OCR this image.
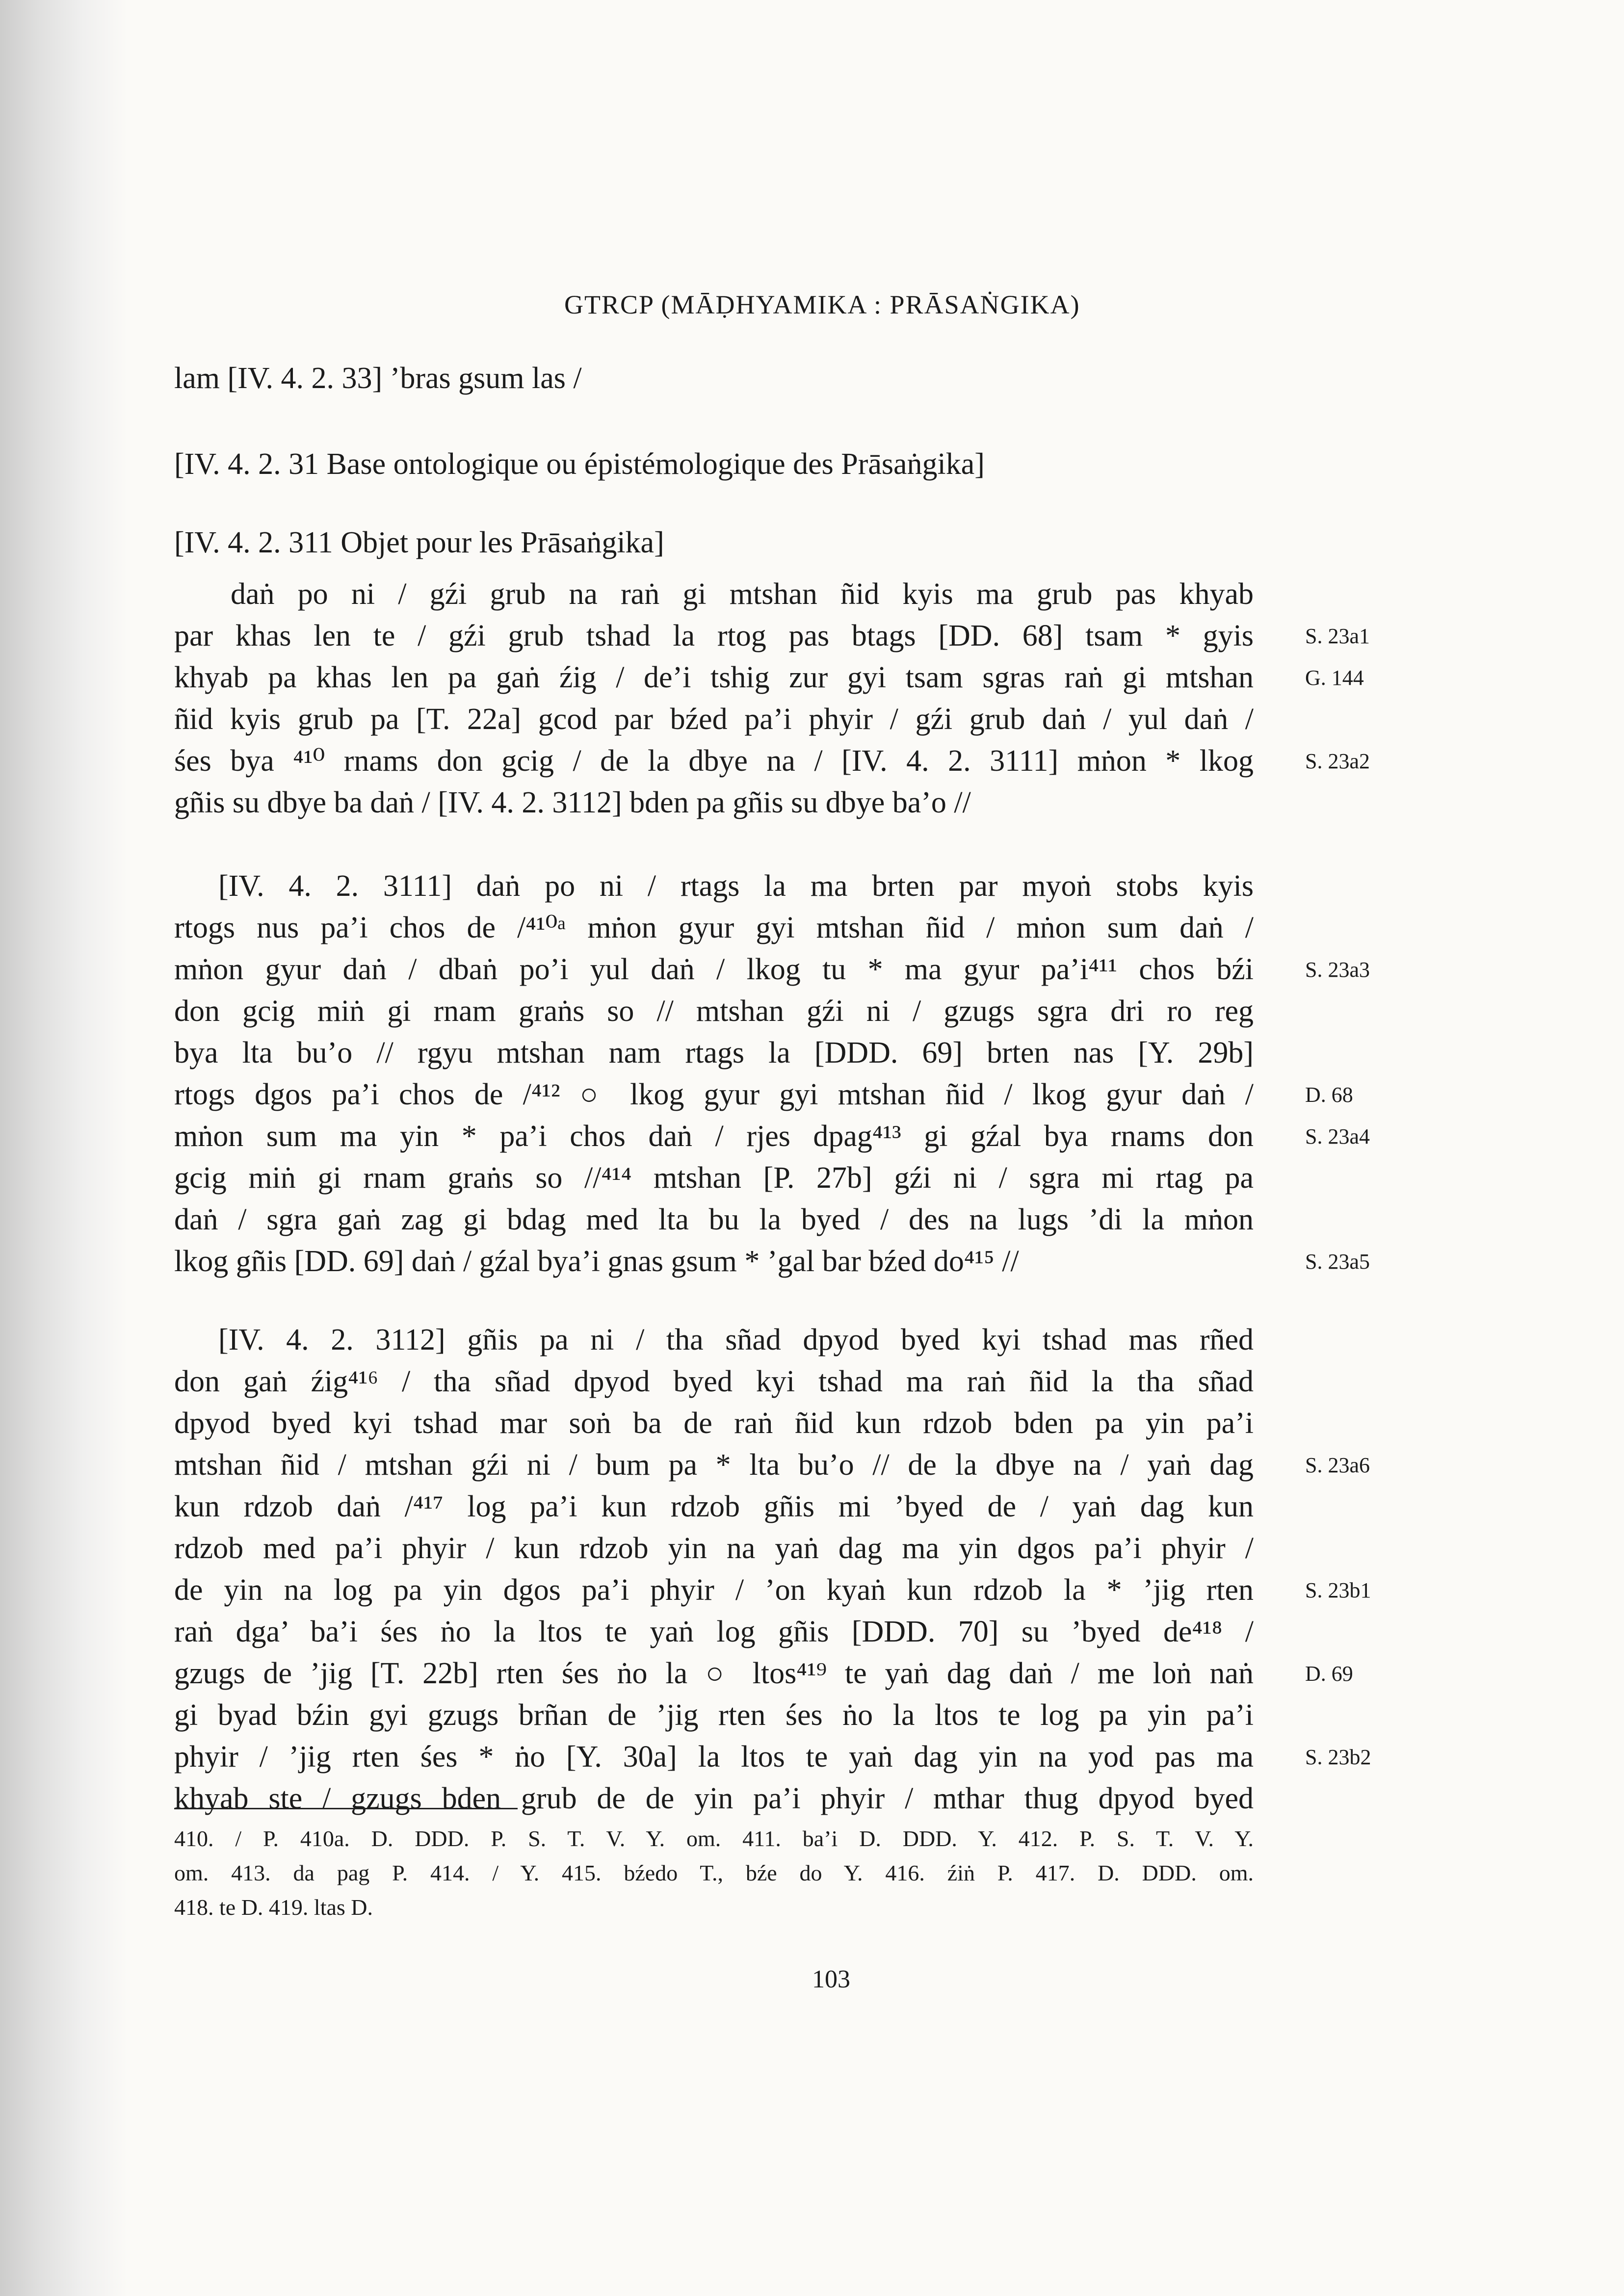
GTRCP (MĀḌHYAMIKA : PRĀSAṄGIKA)
lam [IV. 4. 2. 33] ’bras gsum las /
[IV. 4. 2. 31 Base ontologique ou épistémologique des Prāsaṅgika]
[IV. 4. 2. 311 Objet pour les Prāsaṅgika]
daṅ po ni / gźi grub na raṅ gi mtshan ñid kyis ma grub pas khyab
par khas len te / gźi grub tshad la rtog pas btags [DD. 68] tsam * gyis
khyab pa khas len pa gaṅ źig / de’i tshig zur gyi tsam sgras raṅ gi mtshan
ñid kyis grub pa [T. 22a] gcod par bźed pa’i phyir / gźi grub daṅ / yul daṅ /
śes bya ⁴¹⁰ rnams don gcig / de la dbye na / [IV. 4. 2. 3111] mṅon * lkog
gñis su dbye ba daṅ / [IV. 4. 2. 3112] bden pa gñis su dbye ba’o //
[IV. 4. 2. 3111] daṅ po ni / rtags la ma brten par myoṅ stobs kyis
rtogs nus pa’i chos de /⁴¹⁰ᵃ mṅon gyur gyi mtshan ñid / mṅon sum daṅ /
mṅon gyur daṅ / dbaṅ po’i yul daṅ / lkog tu * ma gyur pa’i⁴¹¹ chos bźi
don gcig miṅ gi rnam graṅs so // mtshan gźi ni / gzugs sgra dri ro reg
bya lta bu’o // rgyu mtshan nam rtags la [DDD. 69] brten nas [Y. 29b]
rtogs dgos pa’i chos de /⁴¹² ○ lkog gyur gyi mtshan ñid / lkog gyur daṅ /
mṅon sum ma yin * pa’i chos daṅ / rjes dpag⁴¹³ gi gźal bya rnams don
gcig miṅ gi rnam graṅs so //⁴¹⁴ mtshan [P. 27b] gźi ni / sgra mi rtag pa
daṅ / sgra gaṅ zag gi bdag med lta bu la byed / des na lugs ’di la mṅon
lkog gñis [DD. 69] daṅ / gźal bya’i gnas gsum * ’gal bar bźed do⁴¹⁵ //
[IV. 4. 2. 3112] gñis pa ni / tha sñad dpyod byed kyi tshad mas rñed
don gaṅ źig⁴¹⁶ / tha sñad dpyod byed kyi tshad ma raṅ ñid la tha sñad
dpyod byed kyi tshad mar soṅ ba de raṅ ñid kun rdzob bden pa yin pa’i
mtshan ñid / mtshan gźi ni / bum pa * lta bu’o // de la dbye na / yaṅ dag
kun rdzob daṅ /⁴¹⁷ log pa’i kun rdzob gñis mi ’byed de / yaṅ dag kun
rdzob med pa’i phyir / kun rdzob yin na yaṅ dag ma yin dgos pa’i phyir /
de yin na log pa yin dgos pa’i phyir / ’on kyaṅ kun rdzob la * ’jig rten
raṅ dga’ ba’i śes ṅo la ltos te yaṅ log gñis [DDD. 70] su ’byed de⁴¹⁸ /
gzugs de ’jig [T. 22b] rten śes ṅo la ○ ltos⁴¹⁹ te yaṅ dag daṅ / me loṅ naṅ
gi byad bźin gyi gzugs brñan de ’jig rten śes ṅo la ltos te log pa yin pa’i
phyir / ’jig rten śes * ṅo [Y. 30a] la ltos te yaṅ dag yin na yod pas ma
khyab ste / gzugs bden grub de de yin pa’i phyir / mthar thug dpyod byed
S. 23a1
G. 144
S. 23a2
S. 23a3
D. 68
S. 23a4
S. 23a5
S. 23a6
S. 23b1
D. 69
S. 23b2
410. / P. 410a. D. DDD. P. S. T. V. Y. om. 411. ba’i D. DDD. Y. 412. P. S. T. V. Y.
om. 413. da pag P. 414. / Y. 415. bźedo T., bźe do Y. 416. źiṅ P. 417. D. DDD. om.
418. te D. 419. ltas D.
103
